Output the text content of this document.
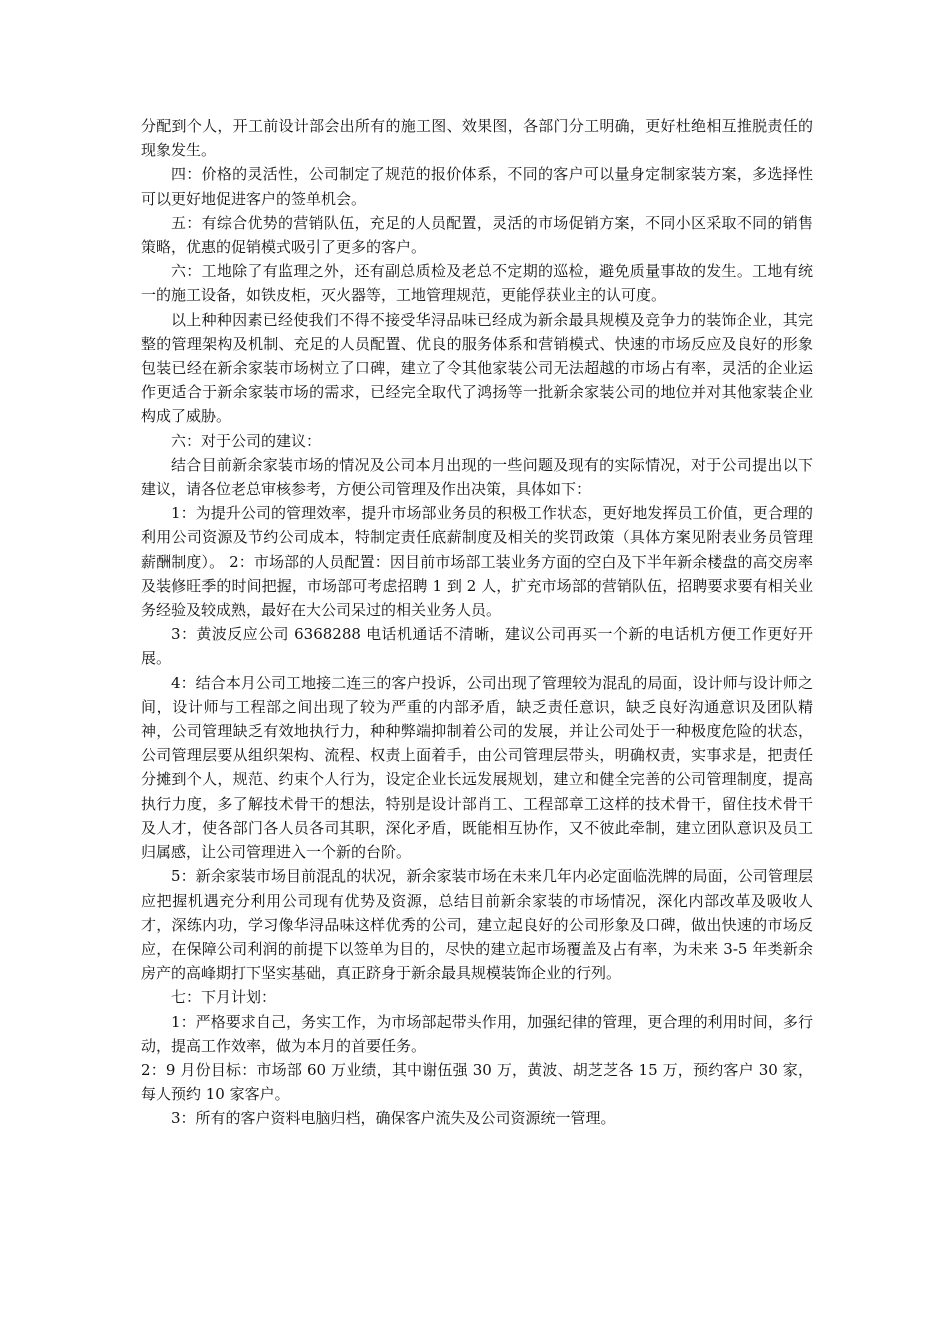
分配到个人，开工前设计部会出所有的施工图、效果图，各部门分工明确，更好杜绝相互推脱责任的现象发生。

四：价格的灵活性，公司制定了规范的报价体系，不同的客户可以量身定制家装方案，多选择性可以更好地促进客户的签单机会。

五：有综合优势的营销队伍，充足的人员配置，灵活的市场促销方案，不同小区采取不同的销售策略，优惠的促销模式吸引了更多的客户。

六：工地除了有监理之外，还有副总质检及老总不定期的巡检，避免质量事故的发生。工地有统一的施工设备，如铁皮柜，灭火器等，工地管理规范，更能俘获业主的认可度。

以上种种因素已经使我们不得不接受华浔品味已经成为新余最具规模及竞争力的装饰企业，其完整的管理架构及机制、充足的人员配置、优良的服务体系和营销模式、快速的市场反应及良好的形象包装已经在新余家装市场树立了口碑，建立了令其他家装公司无法超越的市场占有率，灵活的企业运作更适合于新余家装市场的需求，已经完全取代了鸿扬等一批新余家装公司的地位并对其他家装企业构成了威胁。

六：对于公司的建议：

结合目前新余家装市场的情况及公司本月出现的一些问题及现有的实际情况，对于公司提出以下建议，请各位老总审核参考，方便公司管理及作出决策，具体如下：

1：为提升公司的管理效率，提升市场部业务员的积极工作状态，更好地发挥员工价值，更合理的利用公司资源及节约公司成本，特制定责任底薪制度及相关的奖罚政策（具体方案见附表业务员管理薪酬制度）。 2：市场部的人员配置：因目前市场部工装业务方面的空白及下半年新余楼盘的高交房率及装修旺季的时间把握，市场部可考虑招聘 1 到 2 人，扩充市场部的营销队伍，招聘要求要有相关业务经验及较成熟，最好在大公司呆过的相关业务人员。

3：黄波反应公司 6368288 电话机通话不清晰，建议公司再买一个新的电话机方便工作更好开展。

4：结合本月公司工地接二连三的客户投诉，公司出现了管理较为混乱的局面，设计师与设计师之间，设计师与工程部之间出现了较为严重的内部矛盾，缺乏责任意识，缺乏良好沟通意识及团队精神，公司管理缺乏有效地执行力，种种弊端抑制着公司的发展，并让公司处于一种极度危险的状态，公司管理层要从组织架构、流程、权责上面着手，由公司管理层带头，明确权责，实事求是，把责任分摊到个人，规范、约束个人行为，设定企业长远发展规划，建立和健全完善的公司管理制度，提高执行力度，多了解技术骨干的想法，特别是设计部肖工、工程部章工这样的技术骨干，留住技术骨干及人才，使各部门各人员各司其职，深化矛盾，既能相互协作，又不彼此牵制，建立团队意识及员工归属感，让公司管理进入一个新的台阶。

5：新余家装市场目前混乱的状况，新余家装市场在未来几年内必定面临洗牌的局面，公司管理层应把握机遇充分利用公司现有优势及资源，总结目前新余家装的市场情况，深化内部改革及吸收人才，深练内功，学习像华浔品味这样优秀的公司，建立起良好的公司形象及口碑，做出快速的市场反应，在保障公司利润的前提下以签单为目的，尽快的建立起市场覆盖及占有率，为未来 3-5 年类新余房产的高峰期打下坚实基础，真正跻身于新余最具规模装饰企业的行列。

七：下月计划：

1：严格要求自己，务实工作，为市场部起带头作用，加强纪律的管理，更合理的利用时间，多行动，提高工作效率，做为本月的首要任务。

2：9 月份目标：市场部 60 万业绩，其中谢伍强 30 万，黄波、胡芝芝各 15 万，预约客户 30 家，每人预约 10 家客户。

3：所有的客户资料电脑归档，确保客户流失及公司资源统一管理。
